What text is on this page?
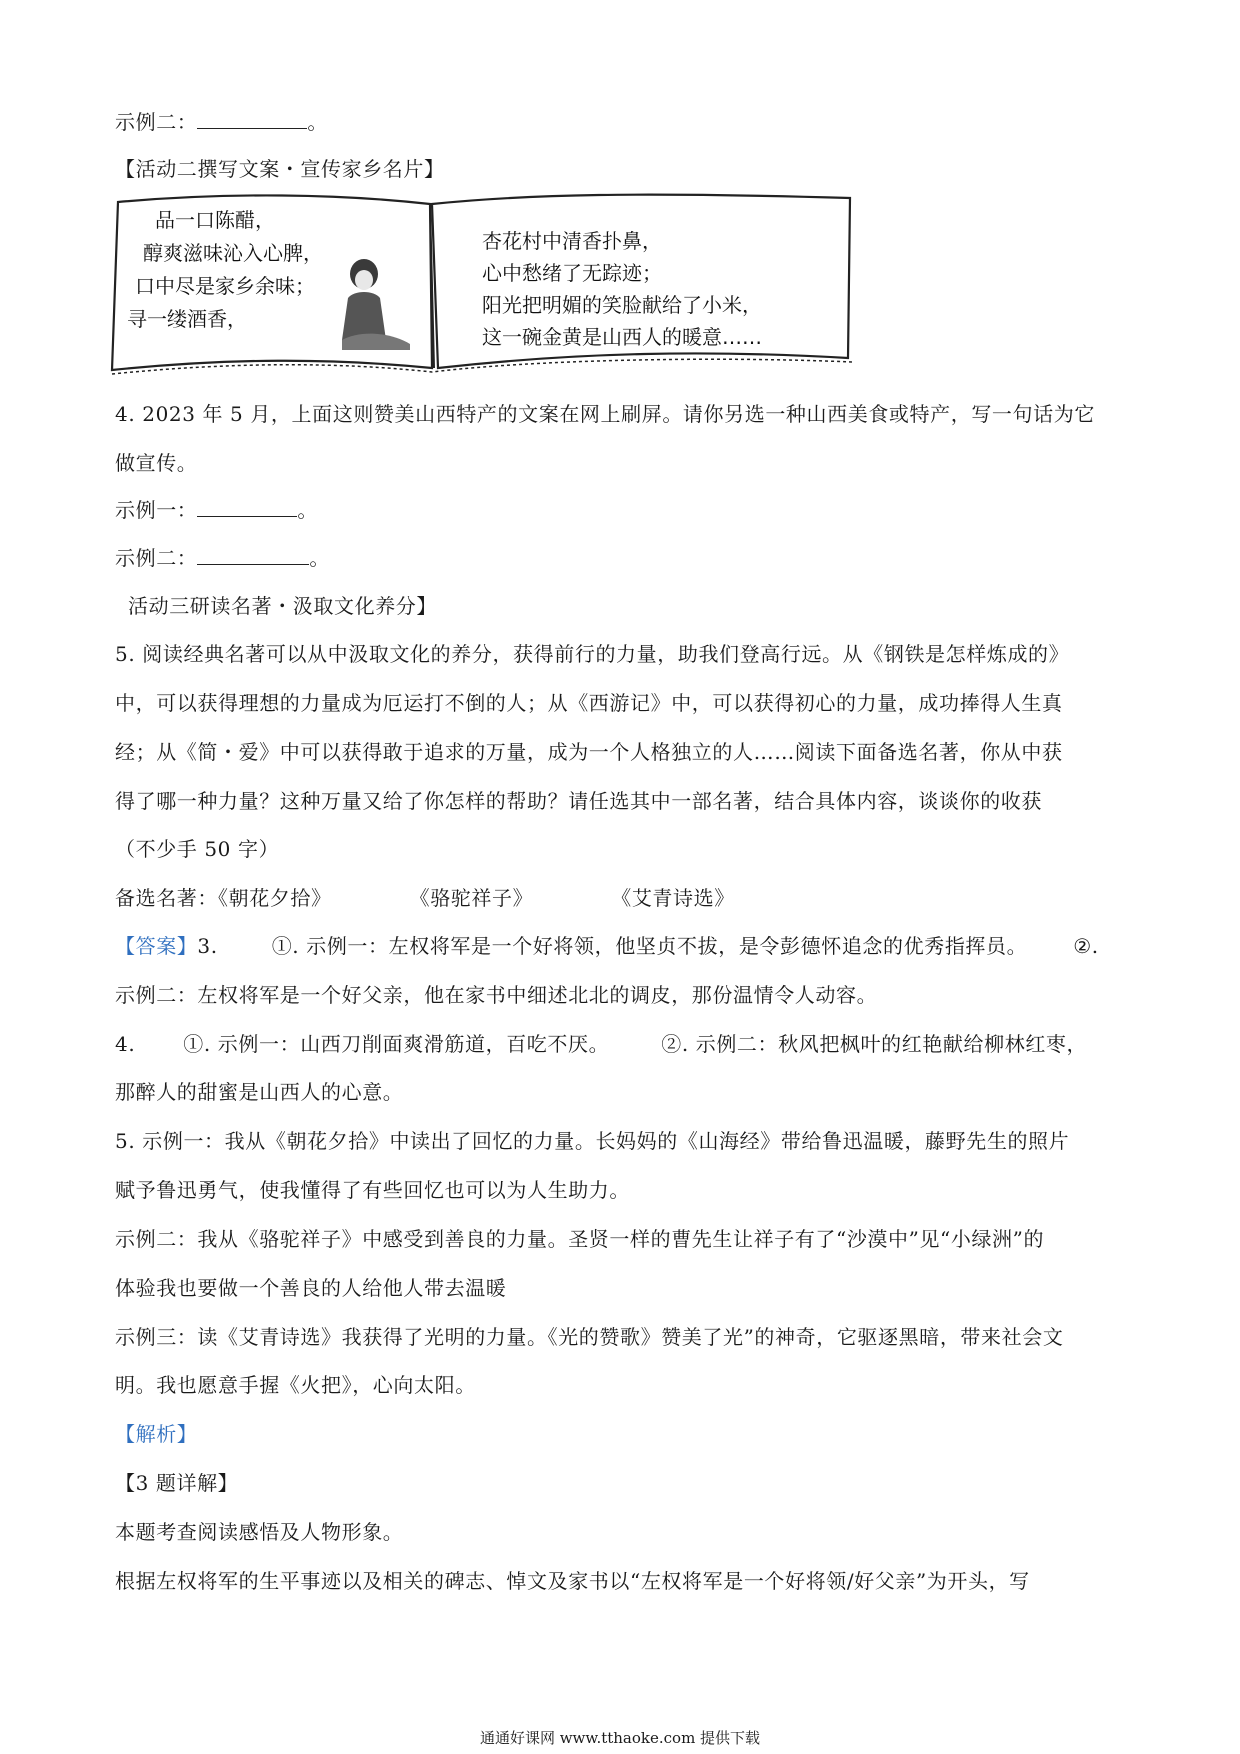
示例二：	。
【活动二撰写文案・宣传家乡名片】
品一口陈醋，
醇爽滋味沁入心脾，
口中尽是家乡余味；
寻一缕酒香，
杏花村中清香扑鼻，
心中愁绪了无踪迹；
阳光把明媚的笑脸献给了小米，
这一碗金黄是山西人的暖意……
4. 2023 年 5 月，上面这则赞美山西特产的文案在网上刷屏。请你另选一种山西美食或特产，写一句话为它
做宣传。
示例一：	。
示例二：	。
活动三研读名著・汲取文化养分】
5. 阅读经典名著可以从中汲取文化的养分，获得前行的力量，助我们登高行远。从《钢铁是怎样炼成的》
中，可以获得理想的力量成为厄运打不倒的人；从《西游记》中，可以获得初心的力量，成功捧得人生真
经；从《简・爱》中可以获得敢于追求的万量，成为一个人格独立的人……阅读下面备选名著，你从中获
得了哪一种力量？这种万量又给了你怎样的帮助？请任选其中一部名著，结合具体内容，谈谈你的收获
（不少手 50 字）
备选名著：《朝花夕拾》	《骆驼祥子》	《艾青诗选》
【答案】3.	①. 示例一：左权将军是一个好将领，他坚贞不拔，是令彭德怀追念的优秀指挥员。 ②.
示例二：左权将军是一个好父亲，他在家书中细述北北的调皮，那份温情令人动容。
4. ①. 示例一：山西刀削面爽滑筋道，百吃不厌。	②. 示例二：秋风把枫叶的红艳献给柳林红枣，
那醉人的甜蜜是山西人的心意。
5. 示例一：我从《朝花夕拾》中读出了回忆的力量。长妈妈的《山海经》带给鲁迅温暖，藤野先生的照片
赋予鲁迅勇气，使我懂得了有些回忆也可以为人生助力。
示例二：我从《骆驼祥子》中感受到善良的力量。圣贤一样的曹先生让祥子有了“沙漠中”见“小绿洲”的
体验我也要做一个善良的人给他人带去温暖
示例三：读《艾青诗选》我获得了光明的力量。《光的赞歌》赞美了光”的神奇，它驱逐黑暗，带来社会文
明。我也愿意手握《火把》，心向太阳。
【解析】
【3 题详解】
本题考查阅读感悟及人物形象。
根据左权将军的生平事迹以及相关的碑志、悼文及家书以“左权将军是一个好将领/好父亲”为开头，写
通通好课网 www.tthaoke.com 提供下载
